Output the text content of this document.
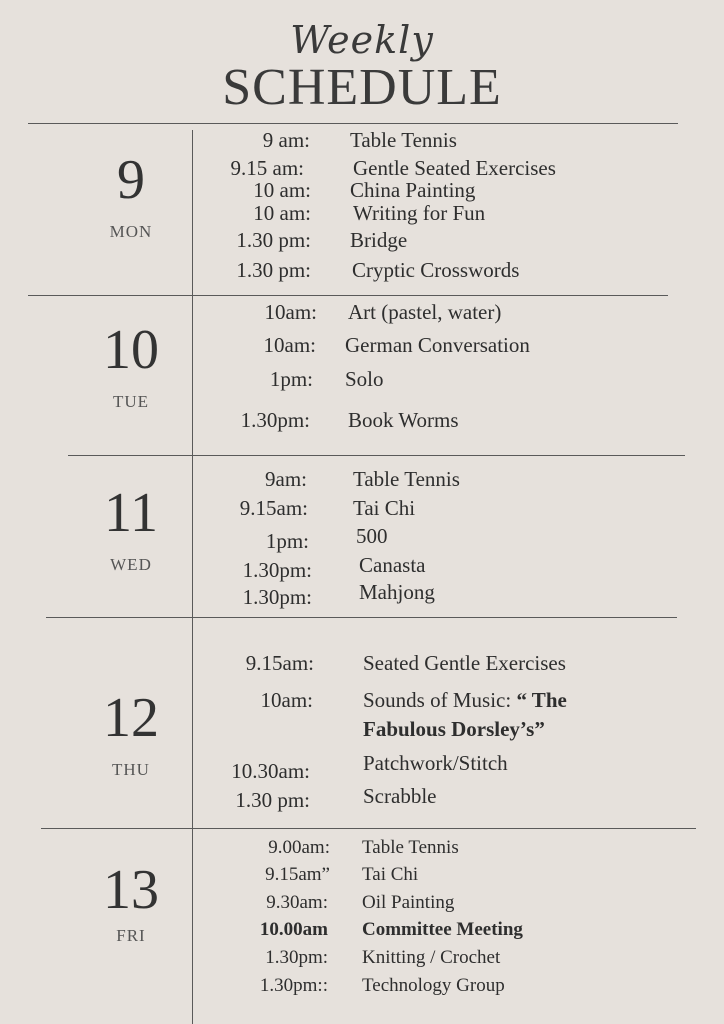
Weekly
SCHEDULE
9
MON
9 am: Table Tennis
9.15 am: Gentle Seated Exercises
10 am: China Painting
10 am: Writing for Fun
1.30 pm: Bridge
1.30 pm: Cryptic Crosswords
10
TUE
10am: Art (pastel, water)
10am: German Conversation
1pm: Solo
1.30pm: Book Worms
11
WED
9am: Table Tennis
9.15am: Tai Chi
1pm: 500
1.30pm: Canasta
1.30pm: Mahjong
12
THU
9.15am: Seated Gentle Exercises
10am: Sounds of Music: “ The
Fabulous Dorsley’s”
10.30am:	Patchwork/Stitch
1.30 pm:	Scrabble
13
FRI
9.00am: Table Tennis
9.15am” Tai Chi
9.30am: Oil Painting
10.00am Committee Meeting
1.30pm: Knitting / Crochet
1.30pm:: Technology Group
